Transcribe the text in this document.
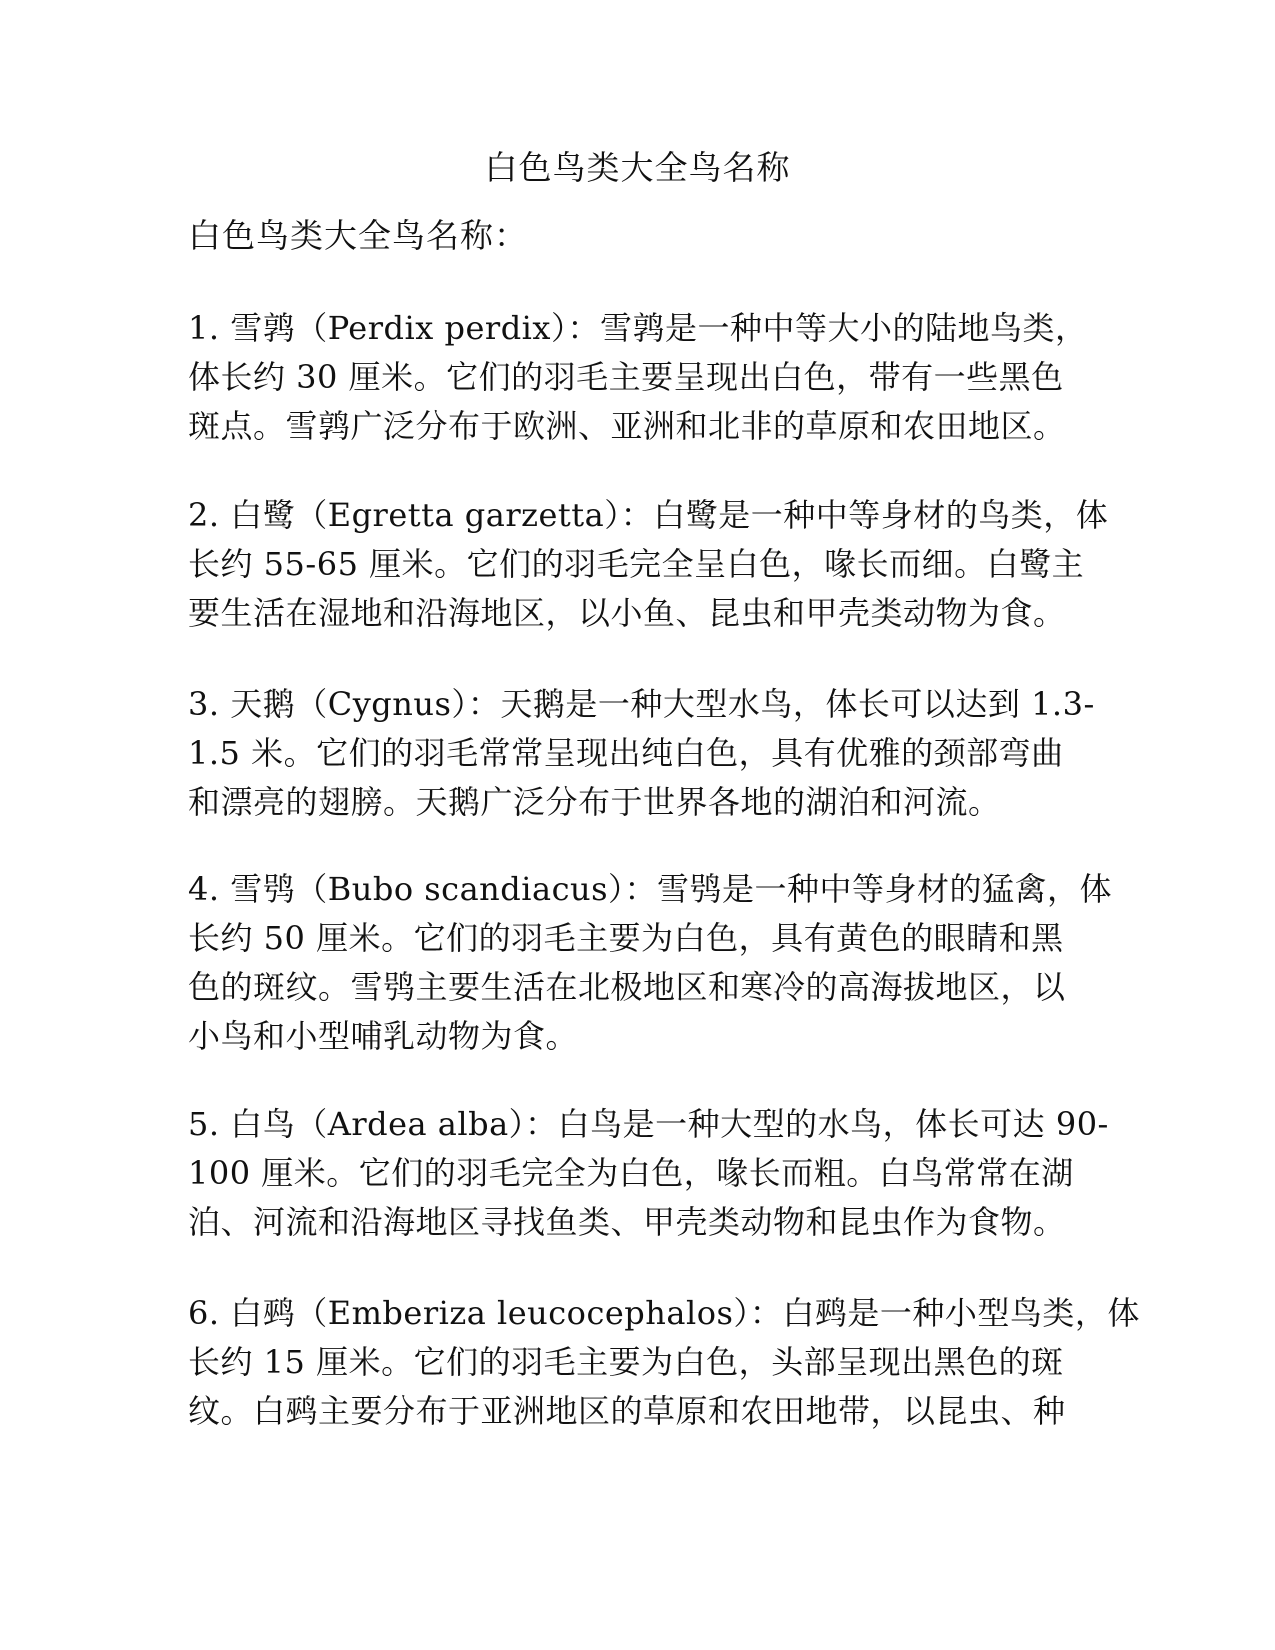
白色鸟类大全鸟名称
白色鸟类大全鸟名称：
1. 雪鹑（Perdix perdix）：雪鹑是一种中等大小的陆地鸟类，
体长约 30 厘米。它们的羽毛主要呈现出白色，带有一些黑色
斑点。雪鹑广泛分布于欧洲、亚洲和北非的草原和农田地区。
2. 白鹭（Egretta garzetta）：白鹭是一种中等身材的鸟类，体
长约 55-65 厘米。它们的羽毛完全呈白色，喙长而细。白鹭主
要生活在湿地和沿海地区，以小鱼、昆虫和甲壳类动物为食。
3. 天鹅（Cygnus）：天鹅是一种大型水鸟，体长可以达到 1.3-
1.5 米。它们的羽毛常常呈现出纯白色，具有优雅的颈部弯曲
和漂亮的翅膀。天鹅广泛分布于世界各地的湖泊和河流。
4. 雪鸮（Bubo scandiacus）：雪鸮是一种中等身材的猛禽，体
长约 50 厘米。它们的羽毛主要为白色，具有黄色的眼睛和黑
色的斑纹。雪鸮主要生活在北极地区和寒冷的高海拔地区，以
小鸟和小型哺乳动物为食。
5. 白鸟（Ardea alba）：白鸟是一种大型的水鸟，体长可达 90-
100 厘米。它们的羽毛完全为白色，喙长而粗。白鸟常常在湖
泊、河流和沿海地区寻找鱼类、甲壳类动物和昆虫作为食物。
6. 白鹀（Emberiza leucocephalos）：白鹀是一种小型鸟类，体
长约 15 厘米。它们的羽毛主要为白色，头部呈现出黑色的斑
纹。白鹀主要分布于亚洲地区的草原和农田地带，以昆虫、种
